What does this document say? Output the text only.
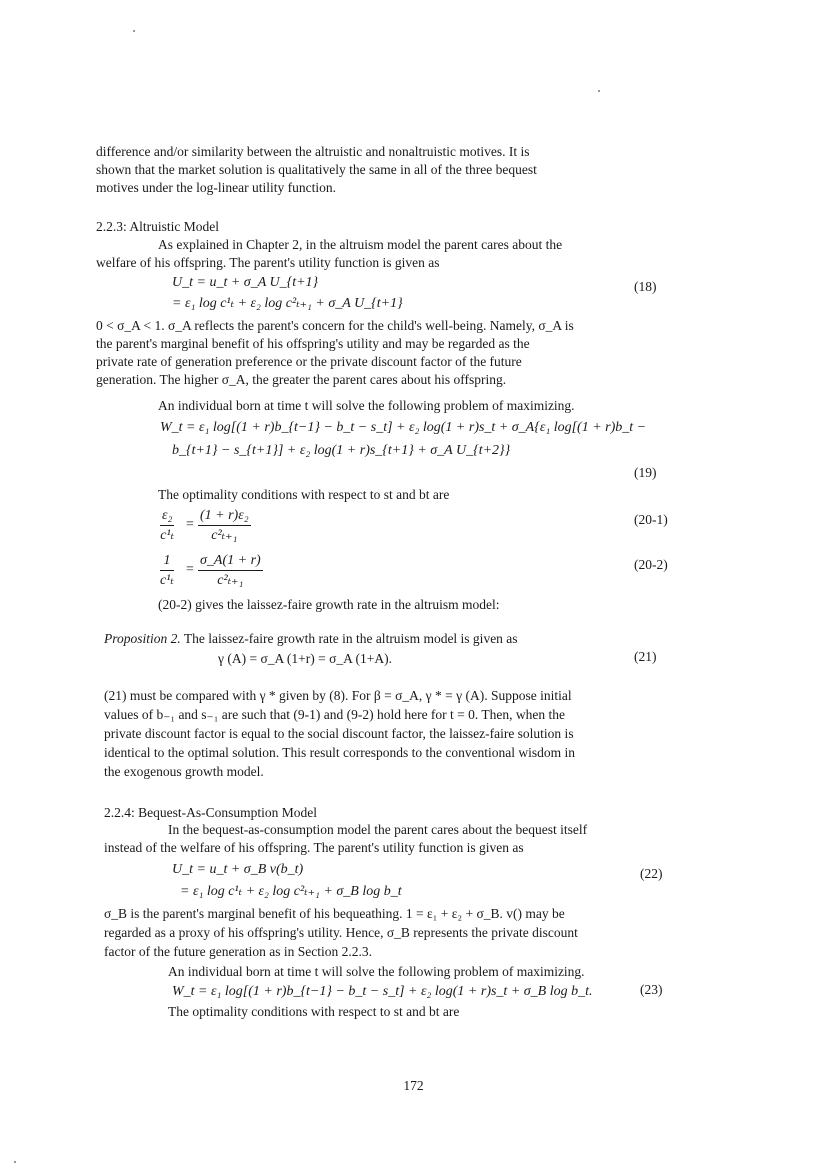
difference and/or similarity between the altruistic and nonaltruistic motives. It is

shown that the market solution is qualitatively the same in all of the three bequest

motives under the log-linear utility function.

2.2.3: Altruistic Model

As explained in Chapter 2, in the altruism model the parent cares about the

welfare of his offspring. The parent's utility function is given as

U_t = u_t + σ_A U_{t+1}	(18)
= ε₁ log c¹ₜ + ε₂ log c²ₜ₊₁ + σ_A U_{t+1}

0 < σ_A < 1. σ_A reflects the parent's concern for the child's well-being. Namely, σ_A is

the parent's marginal benefit of his offspring's utility and may be regarded as the

private rate of generation preference or the private discount factor of the future

generation. The higher σ_A, the greater the parent cares about his offspring.

An individual born at time t will solve the following problem of maximizing.

W_t = ε₁ log[(1 + r)b_{t−1} − b_t − s_t] + ε₂ log(1 + r)s_t + σ_A{ε₁ log[(1 + r)b_t −
b_{t+1} − s_{t+1}] + ε₂ log(1 + r)s_{t+1} + σ_A U_{t+2}}
(19)

The optimality conditions with respect to st and bt are

$\frac{\text{ε₂}}{\text{c¹ₜ}} = \frac{\text{(1 + r)ε₂}}{\text{c²ₜ₊₁}}$	(20-1)
$\frac{1}{\text{c¹ₜ}} = \frac{\sigma\_A(1 + r)}{\text{c²ₜ₊₁}}$	(20-2)

(20-2) gives the laissez-faire growth rate in the altruism model:

Proposition 2. The laissez-faire growth rate in the altruism model is given as

γ (A) = σ_A (1+r) = σ_A (1+A).	(21)

(21) must be compared with γ * given by (8). For β = σ_A, γ * = γ (A). Suppose initial

values of b₋₁ and s₋₁ are such that (9-1) and (9-2) hold here for t = 0. Then, when the

private discount factor is equal to the social discount factor, the laissez-faire solution is

identical to the optimal solution. This result corresponds to the conventional wisdom in

the exogenous growth model.

2.2.4: Bequest-As-Consumption Model

In the bequest-as-consumption model the parent cares about the bequest itself

instead of the welfare of his offspring. The parent's utility function is given as

U_t = u_t + σ_B v(b_t)	(22)
= ε₁ log c¹ₜ + ε₂ log c²ₜ₊₁ + σ_B log b_t

σ_B is the parent's marginal benefit of his bequeathing. 1 = ε₁ + ε₂ + σ_B. v() may be

regarded as a proxy of his offspring's utility. Hence, σ_B represents the private discount

factor of the future generation as in Section 2.2.3.

An individual born at time t will solve the following problem of maximizing.

W_t = ε₁ log[(1 + r)b_{t−1} − b_t − s_t] + ε₂ log(1 + r)s_t + σ_B log b_t.	(23)

The optimality conditions with respect to st and bt are

172
